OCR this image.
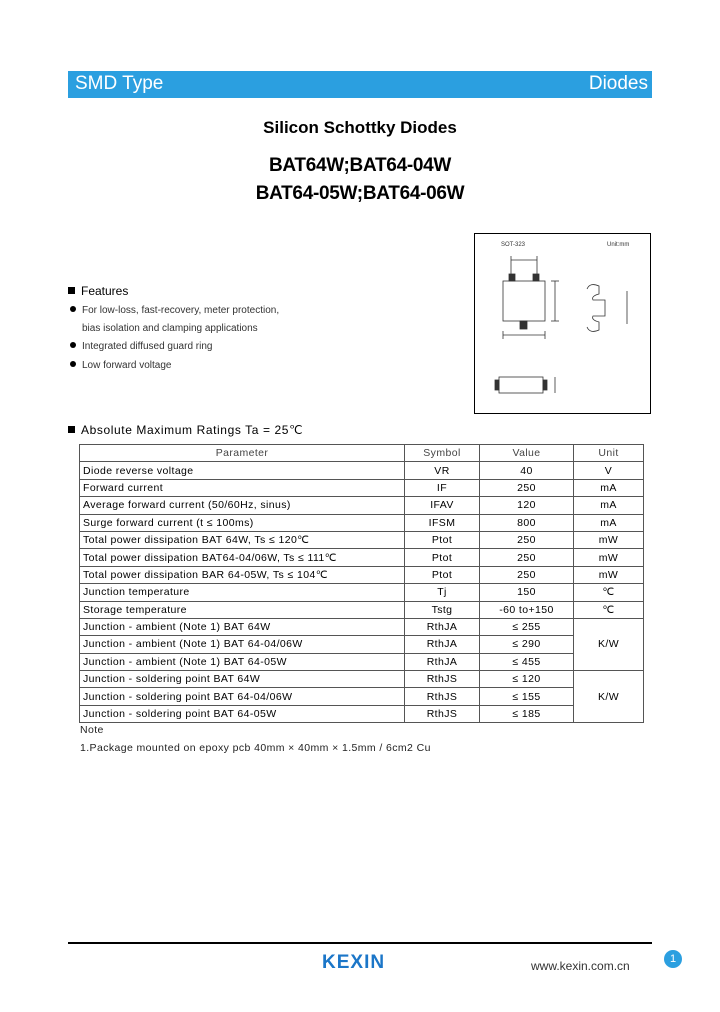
SMD Type	Diodes
Silicon Schottky Diodes
BAT64W;BAT64-04W
BAT64-05W;BAT64-06W
SOT-323	Unit:mm
Features
For low-loss, fast-recovery, meter protection,
bias isolation and clamping applications
Integrated diffused guard ring
Low forward voltage
Absolute Maximum Ratings Ta = 25℃
Parameter	Symbol	Value	Unit
Diode reverse voltage	VR	40	V
Forward current	IF	250	mA
Average forward current (50/60Hz, sinus)	IFAV	120	mA
Surge forward current (t ≤ 100ms)	IFSM	800	mA
Total power dissipation BAT 64W, Ts ≤ 120℃	Ptot	250	mW
Total power dissipation BAT64-04/06W, Ts ≤ 111℃	Ptot	250	mW
Total power dissipation BAR 64-05W, Ts ≤ 104℃	Ptot	250	mW
Junction temperature	Tj	150	℃
Storage temperature	Tstg	-60 to+150	℃
Junction - ambient (Note 1) BAT 64W	RthJA	≤ 255	K/W
Junction - ambient (Note 1) BAT 64-04/06W	RthJA	≤ 290	
Junction - ambient (Note 1) BAT 64-05W	RthJA	≤ 455	
Junction - soldering point BAT 64W	RthJS	≤ 120	K/W
Junction - soldering point BAT 64-04/06W	RthJS	≤ 155	
Junction - soldering point BAT 64-05W	RthJS	≤ 185	
Note
1.Package mounted on epoxy pcb 40mm × 40mm × 1.5mm / 6cm2 Cu
KEXIN	www.kexin.com.cn	1
